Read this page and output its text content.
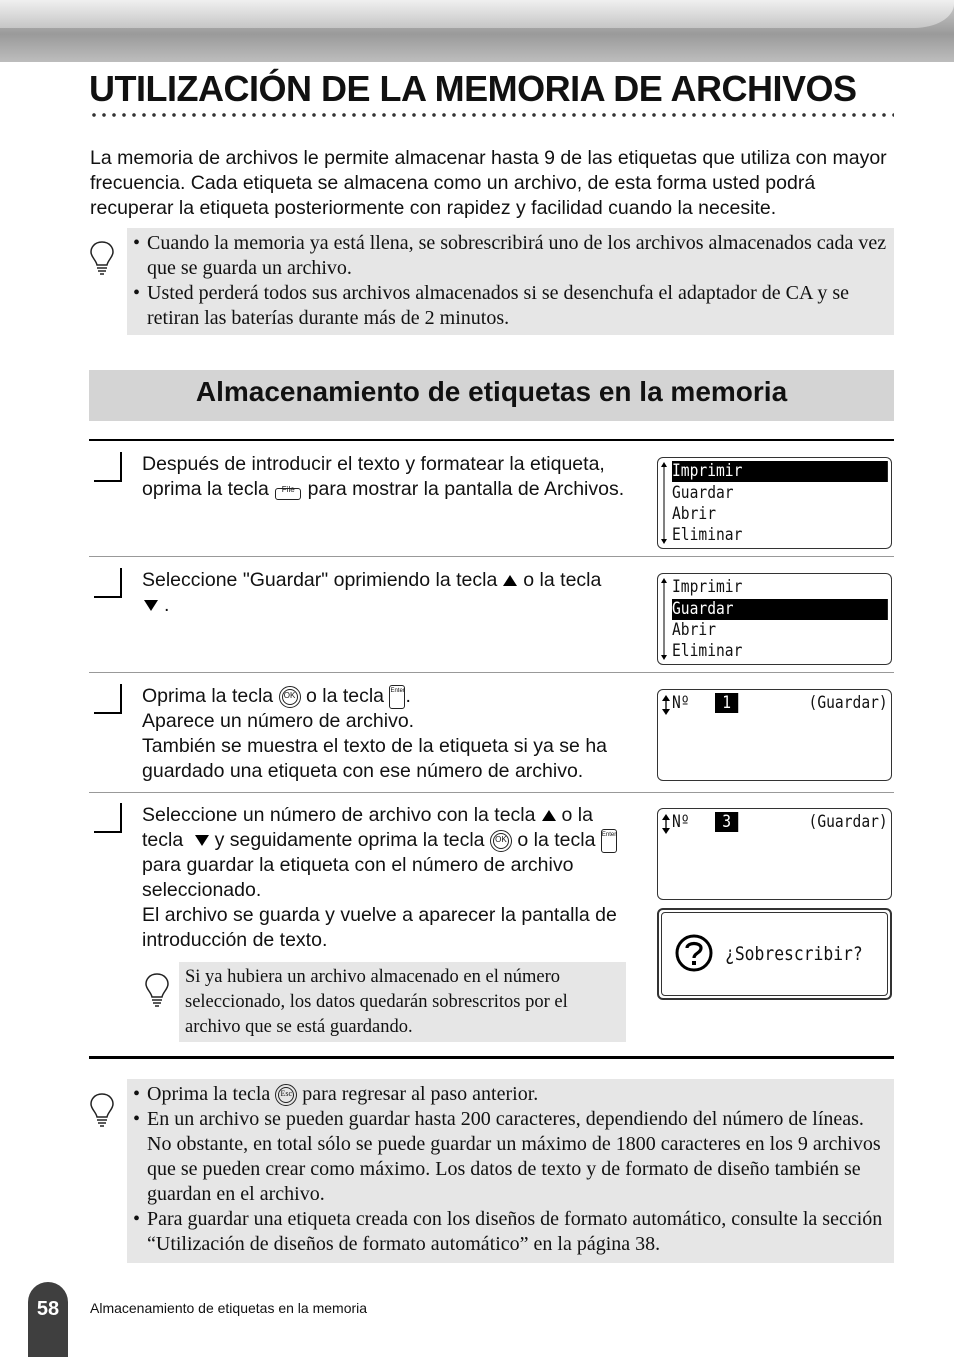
UTILIZACIÓN DE LA MEMORIA DE ARCHIVOS
La memoria de archivos le permite almacenar hasta 9 de las etiquetas que utiliza con mayor frecuencia. Cada etiqueta se almacena como un archivo, de esta forma usted podrá recuperar la etiqueta posteriormente con rapidez y facilidad cuando la necesite.
• Cuando la memoria ya está llena, se sobrescribirá uno de los archivos almacenados cada vez que se guarda un archivo.
• Usted perderá todos sus archivos almacenados si se desenchufa el adaptador de CA y se retiran las baterías durante más de 2 minutos.
Almacenamiento de etiquetas en la memoria
Después de introducir el texto y formatear la etiqueta, oprima la tecla	File para mostrar la pantalla de Archivos.
Imprimir
Guardar
Abrir
Eliminar
Seleccione "Guardar" oprimiendo la tecla o la tecla
.
Imprimir
Guardar
Abrir
Eliminar
Oprima la tecla OK o la tecla Enter.
Aparece un número de archivo.
También se muestra el texto de la etiqueta si ya se ha guardado una etiqueta con ese número de archivo.
Nº 1	(Guardar)
Seleccione un número de archivo con la tecla o la tecla y seguidamente oprima la tecla OK o la tecla Enter para guardar la etiqueta con el número de archivo seleccionado.
El archivo se guarda y vuelve a aparecer la pantalla de introducción de texto.
Nº 3	(Guardar)
¿Sobrescribir?
Si ya hubiera un archivo almacenado en el número seleccionado, los datos quedarán sobrescritos por el archivo que se está guardando.
• Oprima la tecla Esc para regresar al paso anterior.
• En un archivo se pueden guardar hasta 200 caracteres, dependiendo del número de líneas. No obstante, en total sólo se puede guardar un máximo de 1800 caracteres en los 9 archivos que se pueden crear como máximo. Los datos de texto y de formato de diseño también se guardan en el archivo.
• Para guardar una etiqueta creada con los diseños de formato automático, consulte la sección “Utilización de diseños de formato automático” en la página 38.
58	Almacenamiento de etiquetas en la memoria
